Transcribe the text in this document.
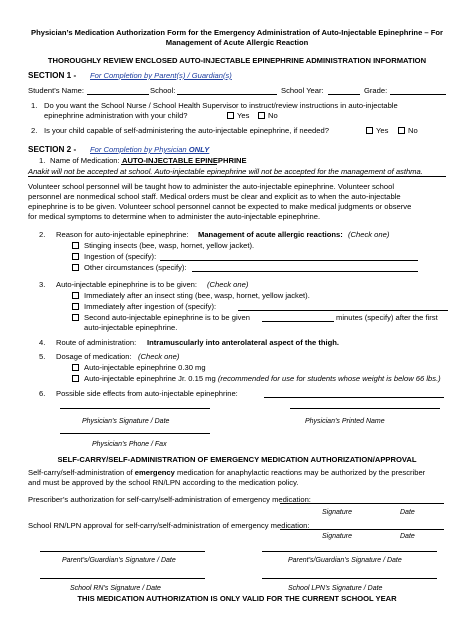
Physician’s Medication Authorization Form for the Emergency Administration of Auto-Injectable Epinephrine – For
Management of Acute Allergic Reaction
THOROUGHLY REVIEW ENCLOSED AUTO-INJECTABLE EPINEPHRINE ADMINISTRATION INFORMATION
SECTION 1 - For Completion by Parent(s) / Guardian(s)
Student’s Name:	School:	School Year:	Grade:
1. Do you want the School Nurse / School Health Supervisor to instruct/review instructions in auto-injectable
epinephrine administration with your child?	Yes No
2. Is your child capable of self-administering the auto-injectable epinephrine, if needed?	Yes	No
SECTION 2 - For Completion by Physician ONLY
1. Name of Medication: AUTO-INJECTABLE EPINEPHRINE
Anakit will not be accepted at school. Auto-injectable epinephrine will not be accepted for the management of asthma.
Volunteer school personnel will be taught how to administer the auto-injectable epinephrine. Volunteer school
personnel are nonmedical school staff. Medical orders must be clear and explicit as to when the auto-injectable
epinephrine is to be given. Volunteer school personnel cannot be expected to make medical judgments or observe
for medical symptoms to determine when to administer the auto-injectable epinephrine.
2. Reason for auto-injectable epinephrine: Management of acute allergic reactions: (Check one)
Stinging insects (bee, wasp, hornet, yellow jacket).
Ingestion of (specify):
Other circumstances (specify):
3. Auto-injectable epinephrine is to be given: (Check one)
Immediately after an insect sting (bee, wasp, hornet, yellow jacket).
Immediately after ingestion of (specify):
Second auto-injectable epinephrine is to be given	minutes (specify) after the first
auto-injectable epinephrine.
4. Route of administration: Intramuscularly into anterolateral aspect of the thigh.
5. Dosage of medication: (Check one)
Auto-injectable epinephrine 0.30 mg
Auto-injectable epinephrine Jr. 0.15 mg (recommended for use for students whose weight is below 66 lbs.)
6. Possible side effects from auto-injectable epinephrine:
Physician’s Signature / Date	Physician’s Printed Name
Physician’s Phone / Fax
SELF-CARRY/SELF-ADMINISTRATION OF EMERGENCY MEDICATION AUTHORIZATION/APPROVAL
Self-carry/self-administration of emergency medication for anaphylactic reactions may be authorized by the prescriber
and must be approved by the school RN/LPN according to the medication policy.
Prescriber’s authorization for self-carry/self-administration of emergency medication:
Signature	Date
School RN/LPN approval for self-carry/self-administration of emergency medication:
Signature	Date
Parent’s/Guardian’s Signature / Date	Parent’s/Guardian’s Signature / Date
School RN’s Signature / Date	School LPN’s Signature / Date
THIS MEDICATION AUTHORIZATION IS ONLY VALID FOR THE CURRENT SCHOOL YEAR
